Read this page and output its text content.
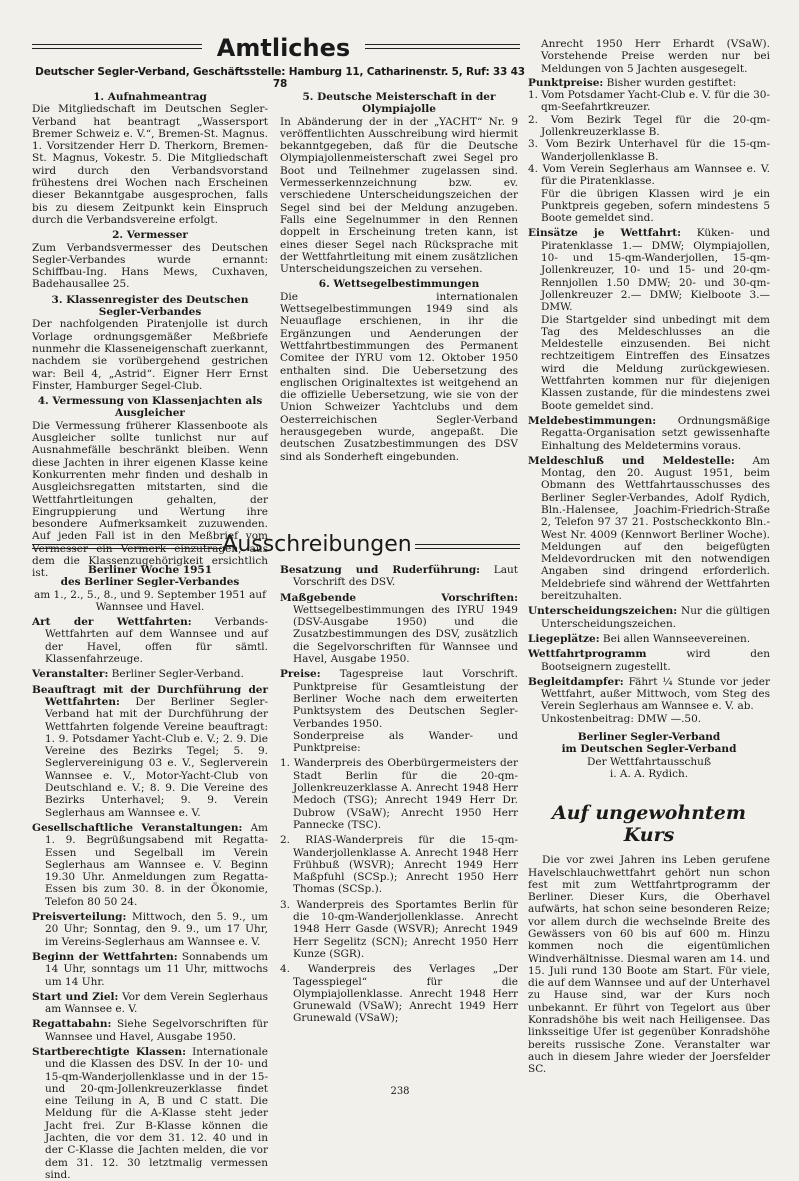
Amtliches
Deutscher Segler-Verband, Geschäftsstelle: Hamburg 11, Catharinenstr. 5, Ruf: 33 43 78
1. Aufnahmeantrag

Die Mitgliedschaft im Deutschen Segler-Verband hat beantragt „Wassersport Bremer Schweiz e. V.“, Bremen-St. Magnus. 1. Vorsitzender Herr D. Therkorn, Bremen-St. Magnus, Vokestr. 5. Die Mitgliedschaft wird durch den Verbandsvorstand frühestens drei Wochen nach Erscheinen dieser Bekanntgabe ausgesprochen, falls bis zu diesem Zeitpunkt kein Einspruch durch die Verbandsvereine erfolgt.

2. Vermesser

Zum Verbandsvermesser des Deutschen Segler-Verbandes wurde ernannt: Schiffbau-Ing. Hans Mews, Cuxhaven, Badehausallee 25.

3. Klassenregister des Deutschen Segler-Verbandes

Der nachfolgenden Piratenjolle ist durch Vorlage ordnungsgemäßer Meßbriefe nunmehr die Klasseneigenschaft zuerkannt, nachdem sie vorübergehend gestrichen war: Beil 4, „Astrid“. Eigner Herr Ernst Finster, Hamburger Segel-Club.

4. Vermessung von Klassenjachten als Ausgleicher

Die Vermessung früherer Klassenboote als Ausgleicher sollte tunlichst nur auf Ausnahmefälle beschränkt bleiben. Wenn diese Jachten in ihrer eigenen Klasse keine Konkurrenten mehr finden und deshalb in Ausgleichsregatten mitstarten, sind die Wettfahrtleitungen gehalten, der Eingruppierung und Wertung ihre besondere Aufmerksamkeit zuzuwenden. Auf jeden Fall ist in den Meßbrief vom Vermesser ein Vermerk einzutragen, aus dem die Klassenzugehörigkeit ersichtlich ist.

5. Deutsche Meisterschaft in der Olympiajolle

In Abänderung der in der „YACHT“ Nr. 9 veröffentlichten Ausschreibung wird hiermit bekanntgegeben, daß für die Deutsche Olympiajollenmeisterschaft zwei Segel pro Boot und Teilnehmer zugelassen sind. Vermesserkennzeichnung bzw. ev. verschiedene Unterscheidungszeichen der Segel sind bei der Meldung anzugeben. Falls eine Segelnummer in den Rennen doppelt in Erscheinung treten kann, ist eines dieser Segel nach Rücksprache mit der Wettfahrtleitung mit einem zusätzlichen Unterscheidungszeichen zu versehen.

6. Wettsegelbestimmungen

Die internationalen Wettsegelbestimmungen 1949 sind als Neuauflage erschienen, in ihr die Ergänzungen und Aenderungen der Wettfahrtbestimmungen des Permanent Comitee der IYRU vom 12. Oktober 1950 enthalten sind. Die Uebersetzung des englischen Originaltextes ist weitgehend an die offizielle Uebersetzung, wie sie von der Union Schweizer Yachtclubs und dem Oesterreichischen Segler-Verband herausgegeben wurde, angepaßt. Die deutschen Zusatzbestimmungen des DSV sind als Sonderheft eingebunden.

Ausschreibungen
Berliner Woche 1951
des Berliner Segler-Verbandes

am 1., 2., 5., 8., und 9. September 1951 auf Wannsee und Havel.

Art der Wettfahrten: Verbands-Wettfahrten auf dem Wannsee und auf der Havel, offen für sämtl. Klassenfahrzeuge.

Veranstalter: Berliner Segler-Verband.

Beauftragt mit der Durchführung der Wettfahrten: Der Berliner Segler-Verband hat mit der Durchführung der Wettfahrten folgende Vereine beauftragt: 1. 9. Potsdamer Yacht-Club e. V.; 2. 9. Die Vereine des Bezirks Tegel; 5. 9. Seglervereinigung 03 e. V., Seglerverein Wannsee e. V., Motor-Yacht-Club von Deutschland e. V.; 8. 9. Die Vereine des Bezirks Unterhavel; 9. 9. Verein Seglerhaus am Wannsee e. V.

Gesellschaftliche Veranstaltungen: Am 1. 9. Begrüßungsabend mit Regatta-Essen und Segelball im Verein Seglerhaus am Wannsee e. V. Beginn 19.30 Uhr. Anmeldungen zum Regatta-Essen bis zum 30. 8. in der Ökonomie, Telefon 80 50 24.

Preisverteilung: Mittwoch, den 5. 9., um 20 Uhr; Sonntag, den 9. 9., um 17 Uhr, im Vereins-Seglerhaus am Wannsee e. V.

Beginn der Wettfahrten: Sonnabends um 14 Uhr, sonntags um 11 Uhr, mittwochs um 14 Uhr.

Start und Ziel: Vor dem Verein Seglerhaus am Wannsee e. V.

Regattabahn: Siehe Segelvorschriften für Wannsee und Havel, Ausgabe 1950.

Startberechtigte Klassen: Internationale und die Klassen des DSV. In der 10- und 15-qm-Wanderjollenklasse und in der 15- und 20-qm-Jollenkreuzerklasse findet eine Teilung in A, B und C statt. Die Meldung für die A-Klasse steht jeder Jacht frei. Zur B-Klasse können die Jachten, die vor dem 31. 12. 40 und in der C-Klasse die Jachten melden, die vor dem 31. 12. 30 letztmalig vermessen sind.

Besatzung und Ruderführung: Laut Vorschrift des DSV.

Maßgebende Vorschriften: Wettsegelbestimmungen des IYRU 1949 (DSV-Ausgabe 1950) und die Zusatzbestimmungen des DSV, zusätzlich die Segelvorschriften für Wannsee und Havel, Ausgabe 1950.

Preise: Tagespreise laut Vorschrift. Punktpreise für Gesamtleistung der Berliner Woche nach dem erweiterten Punktsystem des Deutschen Segler-Verbandes 1950.

Sonderpreise als Wander- und Punktpreise:

1. Wanderpreis des Oberbürgermeisters der Stadt Berlin für die 20-qm-Jollenkreuzerklasse A. Anrecht 1948 Herr Medoch (TSG); Anrecht 1949 Herr Dr. Dubrow (VSaW); Anrecht 1950 Herr Pannecke (TSC).

2. RIAS-Wanderpreis für die 15-qm-Wanderjollenklasse A. Anrecht 1948 Herr Frühbuß (WSVR); Anrecht 1949 Herr Maßpfuhl (SCSp.); Anrecht 1950 Herr Thomas (SCSp.).

3. Wanderpreis des Sportamtes Berlin für die 10-qm-Wanderjollenklasse. Anrecht 1948 Herr Gasde (WSVR); Anrecht 1949 Herr Segelitz (SCN); Anrecht 1950 Herr Kunze (SGR).

4. Wanderpreis des Verlages „Der Tagesspiegel“ für die Olympiajollenklasse. Anrecht 1948 Herr Grunewald (VSaW); Anrecht 1949 Herr Grunewald (VSaW);

Anrecht 1950 Herr Erhardt (VSaW). Vorstehende Preise werden nur bei Meldungen von 5 Jachten ausgesegelt.

Punktpreise: Bisher wurden gestiftet:

1. Vom Potsdamer Yacht-Club e. V. für die 30-qm-Seefahrtkreuzer.

2. Vom Bezirk Tegel für die 20-qm-Jollenkreuzerklasse B.

3. Vom Bezirk Unterhavel für die 15-qm-Wanderjollenklasse B.

4. Vom Verein Seglerhaus am Wannsee e. V. für die Piratenklasse.

Für die übrigen Klassen wird je ein Punktpreis gegeben, sofern mindestens 5 Boote gemeldet sind.

Einsätze je Wettfahrt: Küken- und Piratenklasse 1.— DMW; Olympiajollen, 10- und 15-qm-Wanderjollen, 15-qm-Jollenkreuzer, 10- und 15- und 20-qm-Rennjollen 1.50 DMW; 20- und 30-qm-Jollenkreuzer 2.— DMW; Kielboote 3.— DMW.

Die Startgelder sind unbedingt mit dem Tag des Meldeschlusses an die Meldestelle einzusenden. Bei nicht rechtzeitigem Eintreffen des Einsatzes wird die Meldung zurückgewiesen. Wettfahrten kommen nur für diejenigen Klassen zustande, für die mindestens zwei Boote gemeldet sind.

Meldebestimmungen: Ordnungsmäßige Regatta-Organisation setzt gewissenhafte Einhaltung des Meldetermins voraus.

Meldeschluß und Meldestelle: Am Montag, den 20. August 1951, beim Obmann des Wettfahrtausschusses des Berliner Segler-Verbandes, Adolf Rydich, Bln.-Halensee, Joachim-Friedrich-Straße 2, Telefon 97 37 21. Postscheckkonto Bln.-West Nr. 4009 (Kennwort Berliner Woche). Meldungen auf den beigefügten Meldevordrucken mit den notwendigen Angaben sind dringend erforderlich. Meldebriefe sind während der Wettfahrten bereitzuhalten.

Unterscheidungszeichen: Nur die gültigen Unterscheidungszeichen.

Liegeplätze: Bei allen Wannseevereinen.

Wettfahrtprogramm	wird den Bootseignern zugestellt.

Begleitdampfer: Fährt ¼ Stunde vor jeder Wettfahrt, außer Mittwoch, vom Steg des Verein Seglerhaus am Wannsee e. V. ab.

Unkostenbeitrag: DMW —.50.

Berliner Segler-Verband
im Deutschen Segler-Verband

Der Wettfahrtausschuß

i. A. A. Rydich.

Auf ungewohntem Kurs

Die vor zwei Jahren ins Leben gerufene Havelschlauchwettfahrt gehört nun schon fest mit zum Wettfahrtprogramm der Berliner. Dieser Kurs, die Oberhavel aufwärts, hat schon seine besonderen Reize; vor allem durch die wechselnde Breite des Gewässers von 60 bis auf 600 m. Hinzu kommen noch die eigentümlichen Windverhältnisse. Diesmal waren am 14. und 15. Juli rund 130 Boote am Start. Für viele, die auf dem Wannsee und auf der Unterhavel zu Hause sind, war der Kurs noch unbekannt. Er führt von Tegelort aus über Konradshöhe bis weit nach Heiligensee. Das linksseitige Ufer ist gegenüber Konradshöhe bereits russische Zone. Veranstalter war auch in diesem Jahre wieder der Joersfelder SC.

238
